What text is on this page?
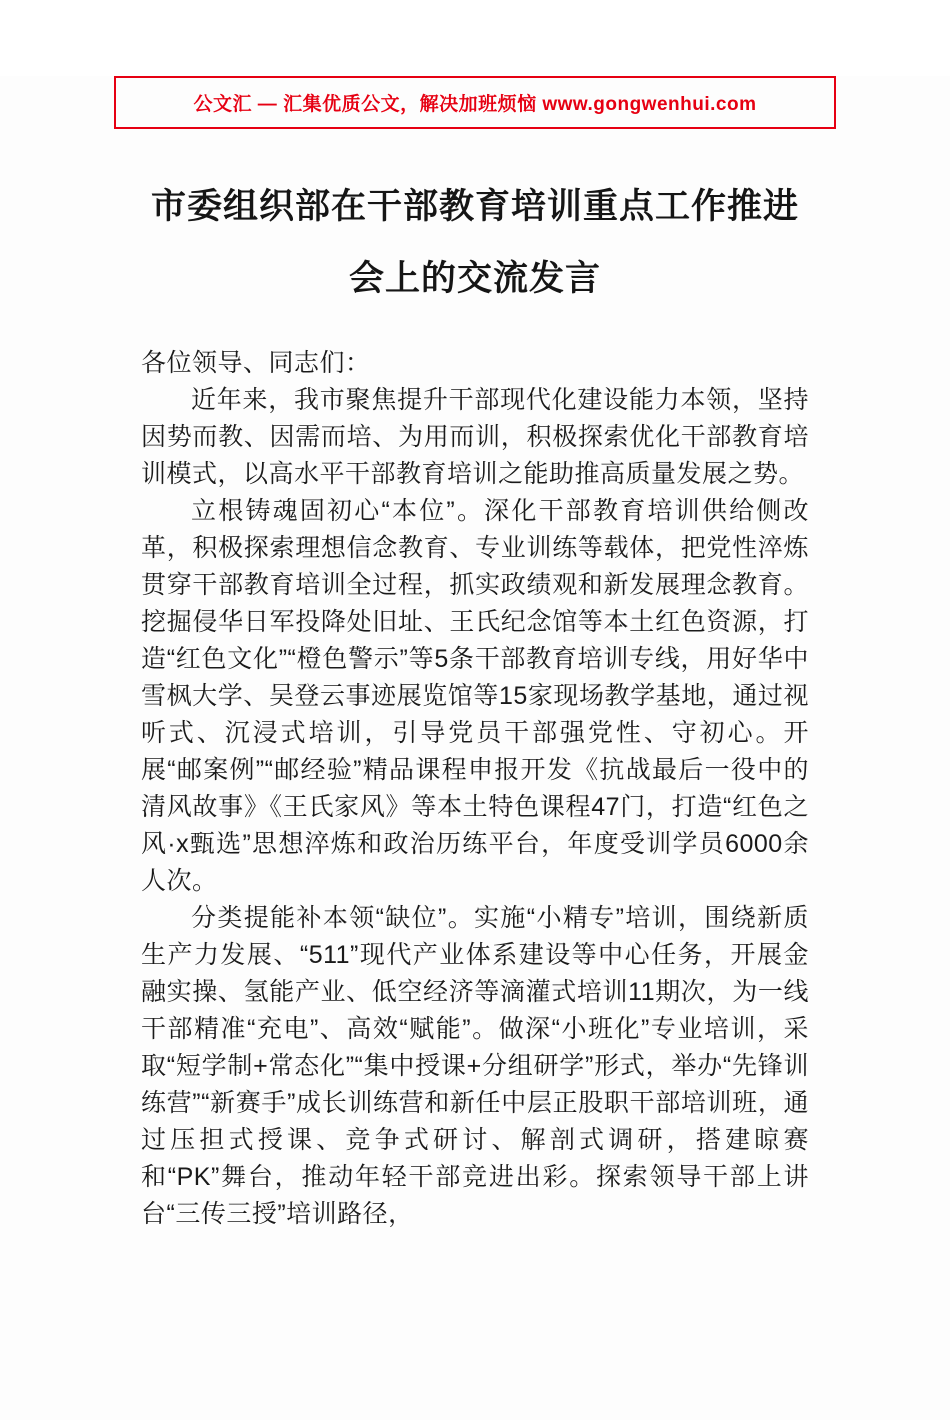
公文汇 — 汇集优质公文，解决加班烦恼 www.gongwenhui.com
市委组织部在干部教育培训重点工作推进
会上的交流发言

各位领导、同志们：

近年来，我市聚焦提升干部现代化建设能力本领，坚持因势而教、因需而培、为用而训，积极探索优化干部教育培训模式，以高水平干部教育培训之能助推高质量发展之势。

立根铸魂固初心“本位”。深化干部教育培训供给侧改革，积极探索理想信念教育、专业训练等载体，把党性淬炼贯穿干部教育培训全过程，抓实政绩观和新发展理念教育。挖掘侵华日军投降处旧址、王氏纪念馆等本土红色资源，打造“红色文化”“橙色警示”等5条干部教育培训专线，用好华中雪枫大学、吴登云事迹展览馆等15家现场教学基地，通过视听式、沉浸式培训，引导党员干部强党性、守初心。开展“邮案例”“邮经验”精品课程申报开发《抗战最后一役中的清风故事》《王氏家风》等本土特色课程47门，打造“红色之风·x甄选”思想淬炼和政治历练平台，年度受训学员6000余人次。

分类提能补本领“缺位”。实施“小精专”培训，围绕新质生产力发展、“511”现代产业体系建设等中心任务，开展金融实操、氢能产业、低空经济等滴灌式培训11期次，为一线干部精准“充电”、高效“赋能”。做深“小班化”专业培训，采取“短学制+常态化”“集中授课+分组研学”形式，举办“先锋训练营”“新赛手”成长训练营和新任中层正股职干部培训班，通过压担式授课、竞争式研讨、解剖式调研，搭建晾赛和“PK”舞台，推动年轻干部竞进出彩。探索领导干部上讲台“三传三授”培训路径，
